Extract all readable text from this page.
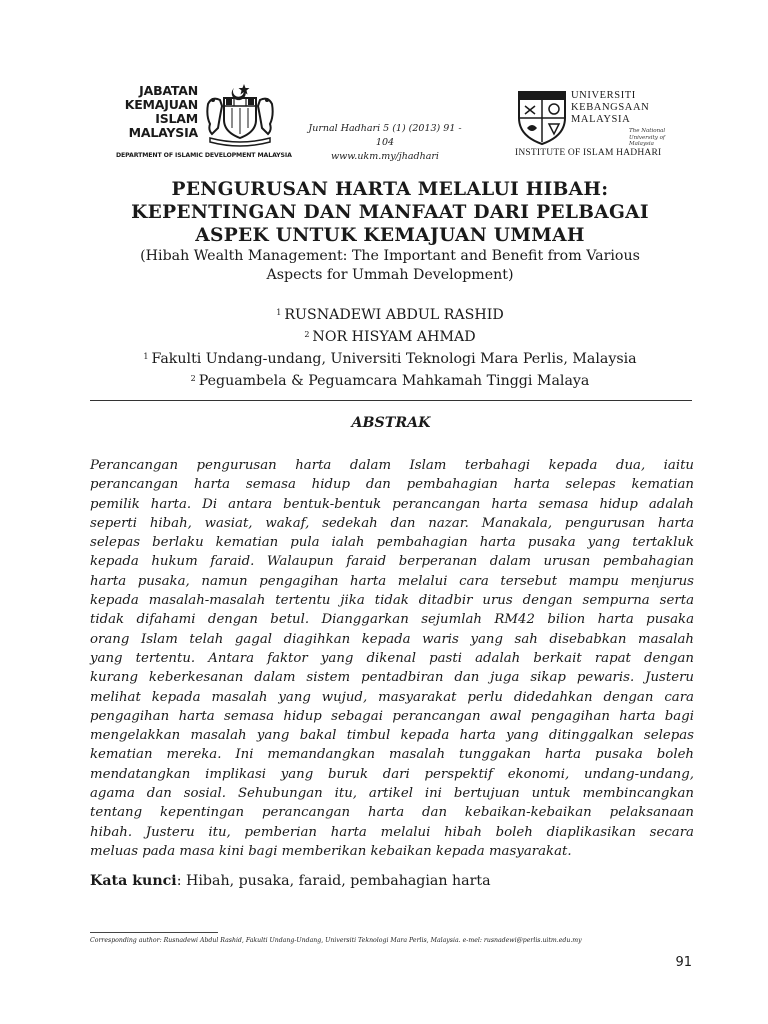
JABATAN
KEMAJUAN
ISLAM
MALAYSIA
DEPARTMENT OF ISLAMIC DEVELOPMENT MALAYSIA
Jurnal Hadhari 5 (1) (2013) 91 - 104
www.ukm.my/jhadhari
UNIVERSITI
KEBANGSAAN
MALAYSIA
The National University of Malaysia
INSTITUTE OF ISLAM HADHARI
PENGURUSAN HARTA MELALUI HIBAH:
KEPENTINGAN DAN MANFAAT DARI PELBAGAI
ASPEK UNTUK KEMAJUAN UMMAH
(Hibah Wealth Management: The Important and Benefit from Various
Aspects for Ummah Development)
$^1$ RUSNADEWI ABDUL RASHID
$^2$ NOR HISYAM AHMAD
$^1$ Fakulti Undang-undang, Universiti Teknologi Mara Perlis, Malaysia
$^2$ Peguambela & Peguamcara Mahkamah Tinggi Malaya
ABSTRAK
Perancangan pengurusan harta dalam Islam terbahagi kepada dua, iaitu
perancangan harta semasa hidup dan pembahagian harta selepas kematian
pemilik harta. Di antara bentuk-bentuk perancangan harta semasa hidup adalah
seperti hibah, wasiat, wakaf, sedekah dan nazar. Manakala, pengurusan harta
selepas berlaku kematian pula ialah pembahagian harta pusaka yang tertakluk
kepada hukum faraid. Walaupun faraid berperanan dalam urusan pembahagian
harta pusaka, namun pengagihan harta melalui cara tersebut mampu menjurus
kepada masalah-masalah tertentu jika tidak ditadbir urus dengan sempurna serta
tidak difahami dengan betul. Dianggarkan sejumlah RM42 bilion harta pusaka
orang Islam telah gagal diagihkan kepada waris yang sah disebabkan masalah
yang tertentu. Antara faktor yang dikenal pasti adalah berkait rapat dengan
kurang keberkesanan dalam sistem pentadbiran dan juga sikap pewaris. Justeru
melihat kepada masalah yang wujud, masyarakat perlu didedahkan dengan cara
pengagihan harta semasa hidup sebagai perancangan awal pengagihan harta bagi
mengelakkan masalah yang bakal timbul kepada harta yang ditinggalkan selepas
kematian mereka. Ini memandangkan masalah tunggakan harta pusaka boleh
mendatangkan implikasi yang buruk dari perspektif ekonomi, undang-undang,
agama dan sosial. Sehubungan itu, artikel ini bertujuan untuk membincangkan
tentang kepentingan perancangan harta dan kebaikan-kebaikan pelaksanaan
hibah. Justeru itu, pemberian harta melalui hibah boleh diaplikasikan secara
meluas pada masa kini bagi memberikan kebaikan kepada masyarakat.
Kata kunci: Hibah, pusaka, faraid, pembahagian harta
Corresponding author: Rusnadewi Abdul Rashid, Fakulti Undang-Undang, Universiti Teknologi Mara Perlis, Malaysia. e-mel: rusnadewi@perlis.uitm.edu.my
91
